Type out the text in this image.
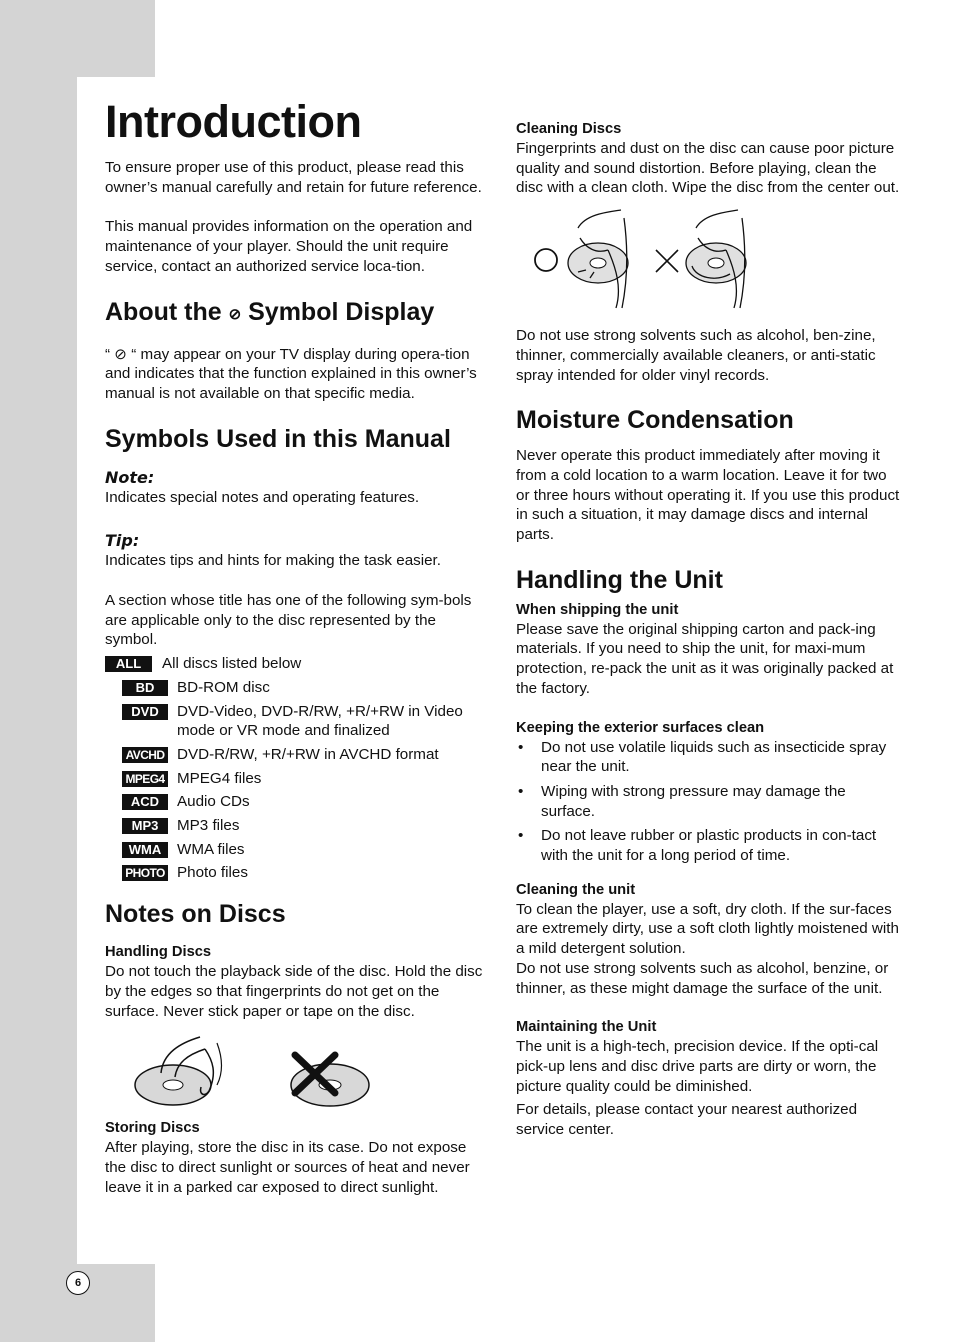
6
Introduction

To ensure proper use of this product, please read this owner’s manual carefully and retain for future reference.

This manual provides information on the operation and maintenance of your player. Should the unit require service, contact an authorized service loca-tion.

About the ⊘ Symbol Display

“ ⊘ “ may appear on your TV display during opera-tion and indicates that the function explained in this owner’s manual is not available on that specific media.

Symbols Used in this Manual
Note:

Indicates special notes and operating features.

Tip:

Indicates tips and hints for making the task easier.

A section whose title has one of the following sym-bols are applicable only to the disc represented by the symbol.

ALL	All discs listed below
BD	BD-ROM disc
DVD	DVD-Video, DVD-R/RW, +R/+RW in Video mode or VR mode and finalized
AVCHD DVD-R/RW, +R/+RW in AVCHD format
MPEG4 MPEG4 files
ACD	Audio CDs
MP3	MP3 files
WMA	WMA files
PHOTO Photo files
Notes on Discs
Handling Discs

Do not touch the playback side of the disc. Hold the disc by the edges so that fingerprints do not get on the surface. Never stick paper or tape on the disc.

Storing Discs

After playing, store the disc in its case. Do not expose the disc to direct sunlight or sources of heat and never leave it in a parked car exposed to direct sunlight.

Cleaning Discs

Fingerprints and dust on the disc can cause poor picture quality and sound distortion. Before playing, clean the disc with a clean cloth. Wipe the disc from the center out.

Do not use strong solvents such as alcohol, ben-zine, thinner, commercially available cleaners, or anti-static spray intended for older vinyl records.

Moisture Condensation

Never operate this product immediately after moving it from a cold location to a warm location. Leave it for two or three hours without operating it. If you use this product in such a situation, it may damage discs and internal parts.

Handling the Unit
When shipping the unit

Please save the original shipping carton and pack-ing materials. If you need to ship the unit, for maxi-mum protection, re-pack the unit as it was originally packed at the factory.

Keeping the exterior surfaces clean
• Do not use volatile liquids such as insecticide spray near the unit.
• Wiping with strong pressure may damage the surface.
• Do not leave rubber or plastic products in con-tact with the unit for a long period of time.
Cleaning the unit

To clean the player, use a soft, dry cloth. If the sur-faces are extremely dirty, use a soft cloth lightly moistened with a mild detergent solution.

Do not use strong solvents such as alcohol, benzine, or thinner, as these might damage the surface of the unit.

Maintaining the Unit

The unit is a high-tech, precision device. If the opti-cal pick-up lens and disc drive parts are dirty or worn, the picture quality could be diminished.

For details, please contact your nearest authorized service center.
